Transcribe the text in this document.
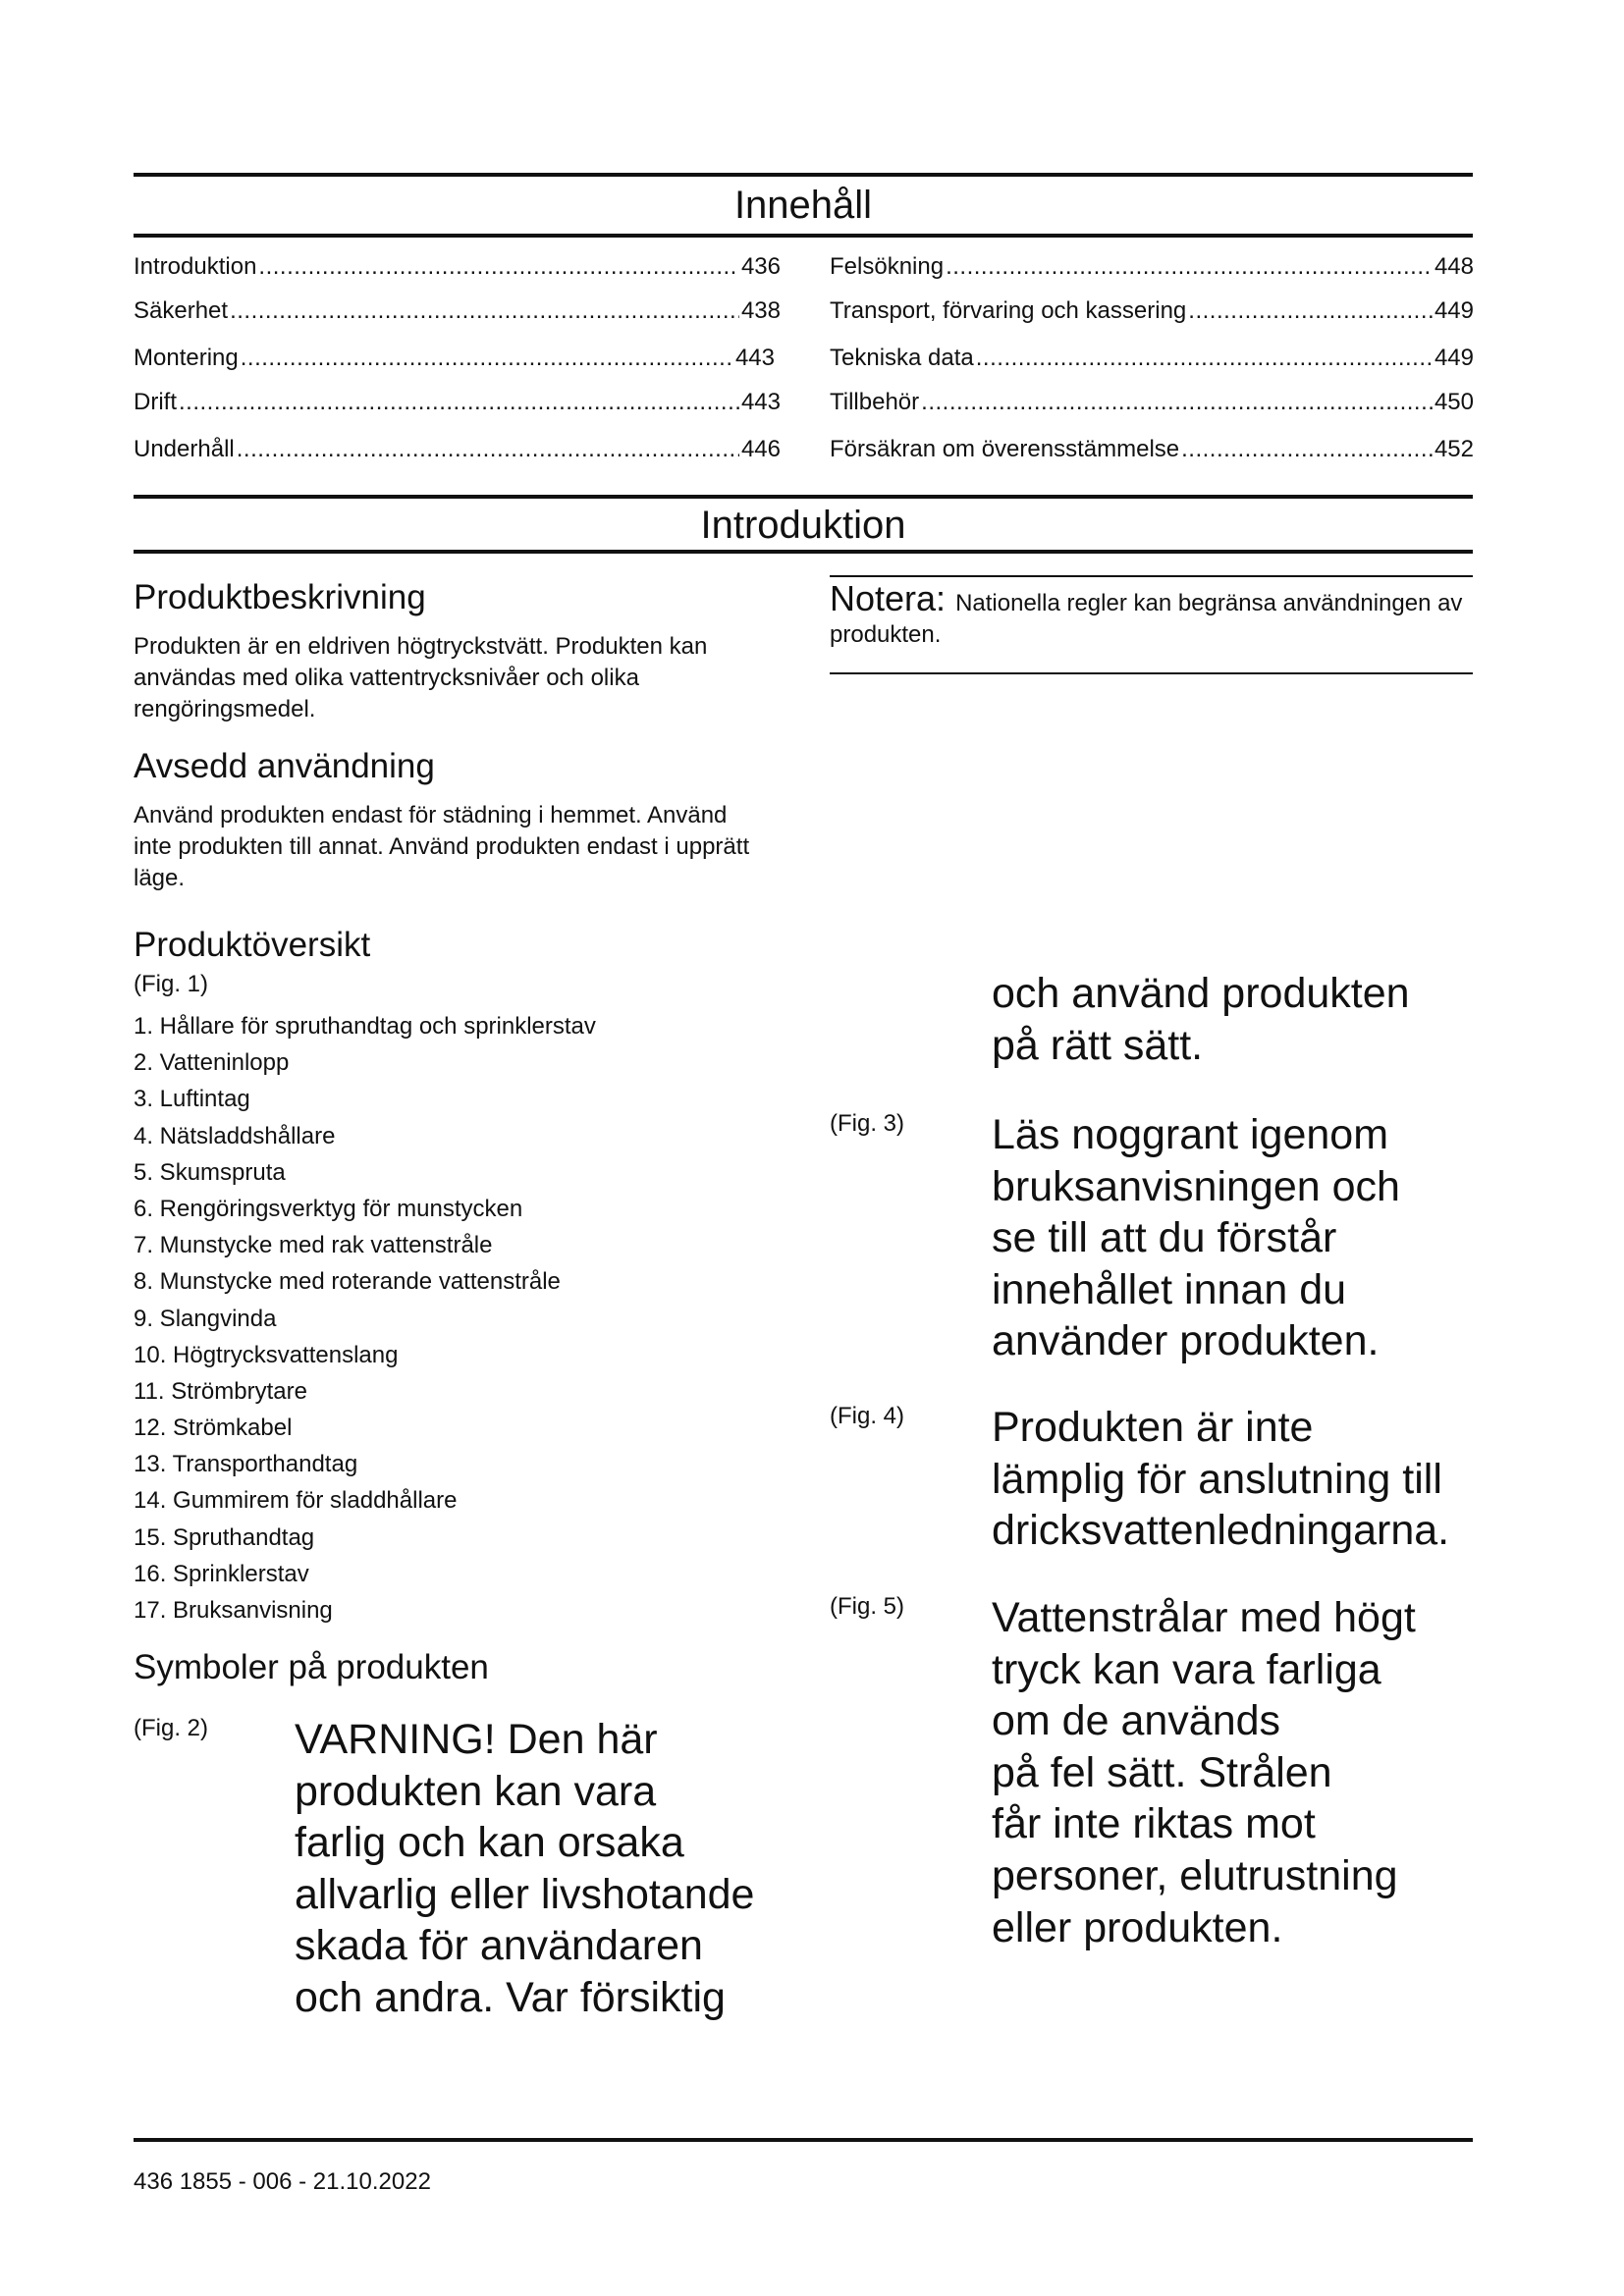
Innehåll
Introduktion .....	436
Säkerhet .....	438
Montering .....	443
Drift .....	443
Underhåll .....	446
Felsökning .....	448
Transport, förvaring och kassering .....	449
Tekniska data .....	449
Tillbehör .....	450
Försäkran om överensstämmelse .....	452
Introduktion
Produktbeskrivning
Produkten är en eldriven högtryckstvätt. Produkten kan användas med olika vattentrycksnivåer och olika rengöringsmedel.
Avsedd användning
Använd produkten endast för städning i hemmet. Använd inte produkten till annat. Använd produkten endast i upprätt läge.
Produktöversikt
(Fig. 1)
1. Hållare för spruthandtag och sprinklerstav
2. Vatteninlopp
3. Luftintag
4. Nätsladdshållare
5. Skumspruta
6. Rengöringsverktyg för munstycken
7. Munstycke med rak vattenstråle
8. Munstycke med roterande vattenstråle
9. Slangvinda
10. Högtrycksvattenslang
11. Strömbrytare
12. Strömkabel
13. Transporthandtag
14. Gummirem för sladdhållare
15. Spruthandtag
16. Sprinklerstav
17. Bruksanvisning
Symboler på produkten
(Fig. 2) VARNING! Den här
produkten kan vara
farlig och kan orsaka
allvarlig eller livshotande
skada för användaren
och andra. Var försiktig
Notera: Nationella regler kan begränsa användningen av produkten.
och använd produkten
på rätt sätt.
(Fig. 3) Läs noggrant igenom
bruksanvisningen och
se till att du förstår
innehållet innan du
använder produkten.
(Fig. 4) Produkten är inte
lämplig för anslutning till
dricksvattenledningarna.
(Fig. 5) Vattenstrålar med högt
tryck kan vara farliga
om de används
på fel sätt. Strålen
får inte riktas mot
personer, elutrustning
eller produkten.
436 1855 - 006 - 21.10.2022
